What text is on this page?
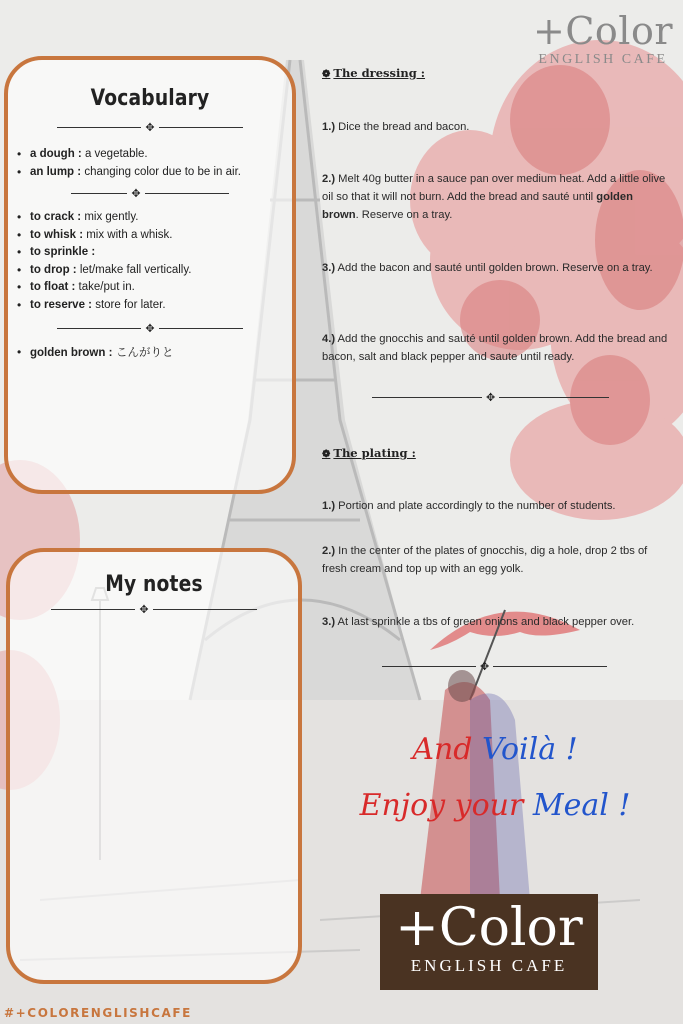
+Color
ENGLISH CAFE
Vocabulary
✥
• a dough : a vegetable.
• an lump : changing color due to be in air.
✥
• to crack : mix gently.
• to whisk : mix with a whisk.
• to sprinkle :
• to drop : let/make fall vertically.
• to float : take/put in.
• to reserve : store for later.
✥
• golden brown : こんがりと
My notes
✥
❁ The dressing :
1.) Dice the bread and bacon.
2.) Melt 40g butter in a sauce pan over medium heat. Add a little olive oil so that it will not burn. Add the bread and sauté until golden brown. Reserve on a tray.
3.) Add the bacon and sauté until golden brown. Reserve on a tray.
4.) Add the gnocchis and sauté until golden brown. Add the bread and bacon, salt and black pepper and saute until ready.
✥
❁ The plating :
1.) Portion and plate accordingly to the number of students.
2.) In the center of the plates of gnocchis, dig a hole, drop 2 tbs of fresh cream and top up with an egg yolk.
3.) At last sprinkle a tbs of green onions and black pepper over.
✥
And Voilà !
Enjoy your Meal !
+Color
ENGLISH CAFE
#+COLORENGLISHCAFE
